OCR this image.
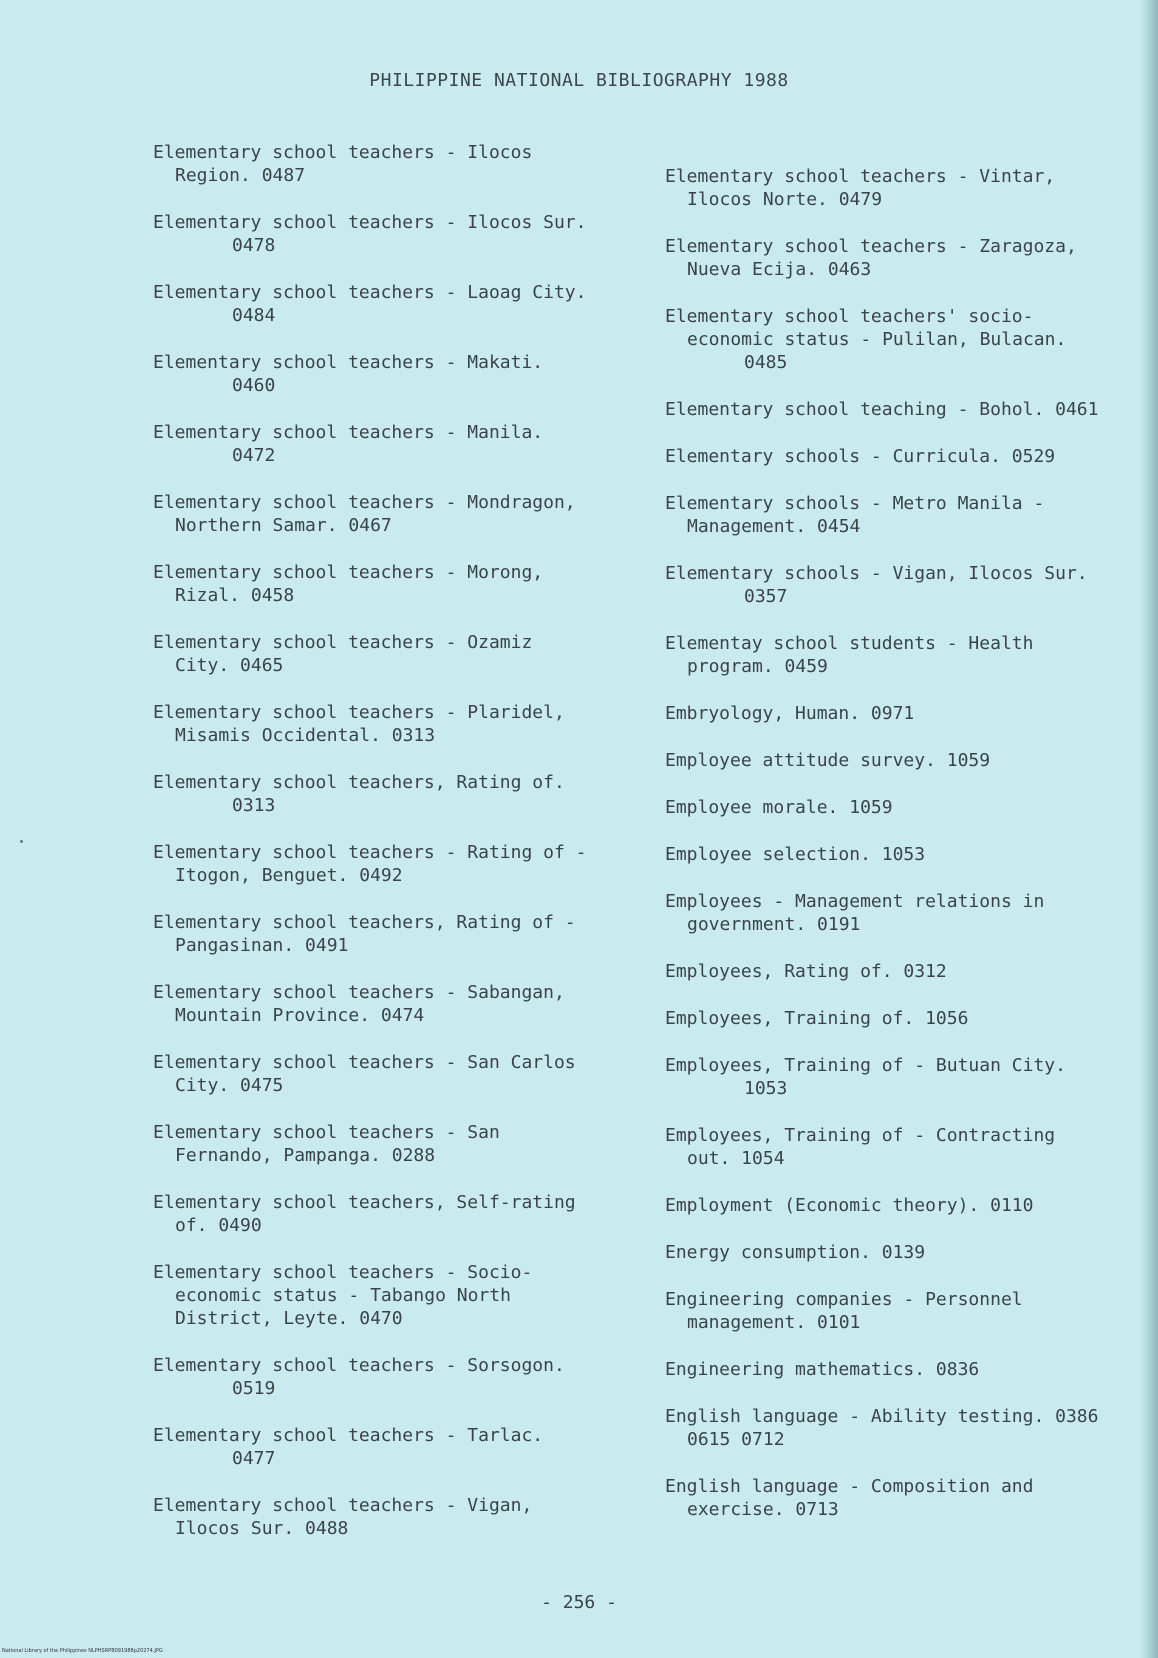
PHILIPPINE NATIONAL BIBLIOGRAPHY 1988
Elementary school teachers - Ilocos
Region. 0487
Elementary school teachers - Ilocos Sur.
0478
Elementary school teachers - Laoag City.
0484
Elementary school teachers - Makati.
0460
Elementary school teachers - Manila.
0472
Elementary school teachers - Mondragon,
Northern Samar. 0467
Elementary school teachers - Morong,
Rizal. 0458
Elementary school teachers - Ozamiz
City. 0465
Elementary school teachers - Plaridel,
Misamis Occidental. 0313
Elementary school teachers, Rating of.
0313
Elementary school teachers - Rating of -
Itogon, Benguet. 0492
Elementary school teachers, Rating of -
Pangasinan. 0491
Elementary school teachers - Sabangan,
Mountain Province. 0474
Elementary school teachers - San Carlos
City. 0475
Elementary school teachers - San
Fernando, Pampanga. 0288
Elementary school teachers, Self-rating
of. 0490
Elementary school teachers - Socio-
economic status - Tabango North
District, Leyte. 0470
Elementary school teachers - Sorsogon.
0519
Elementary school teachers - Tarlac.
0477
Elementary school teachers - Vigan,
Ilocos Sur. 0488
Elementary school teachers - Vintar,
Ilocos Norte. 0479
Elementary school teachers - Zaragoza,
Nueva Ecija. 0463
Elementary school teachers' socio-
economic status - Pulilan, Bulacan.
0485
Elementary school teaching - Bohol. 0461
Elementary schools - Curricula. 0529
Elementary schools - Metro Manila -
Management. 0454
Elementary schools - Vigan, Ilocos Sur.
0357
Elementay school students - Health
program. 0459
Embryology, Human. 0971
Employee attitude survey. 1059
Employee morale. 1059
Employee selection. 1053
Employees - Management relations in
government. 0191
Employees, Rating of. 0312
Employees, Training of. 1056
Employees, Training of - Butuan City.
1053
Employees, Training of - Contracting
out. 1054
Employment (Economic theory). 0110
Energy consumption. 0139
Engineering companies - Personnel
management. 0101
Engineering mathematics. 0836
English language - Ability testing. 0386
0615 0712
English language - Composition and
exercise. 0713
- 256 -
National Library of the Philippines NLPHSRPB091988p20274.JPG
